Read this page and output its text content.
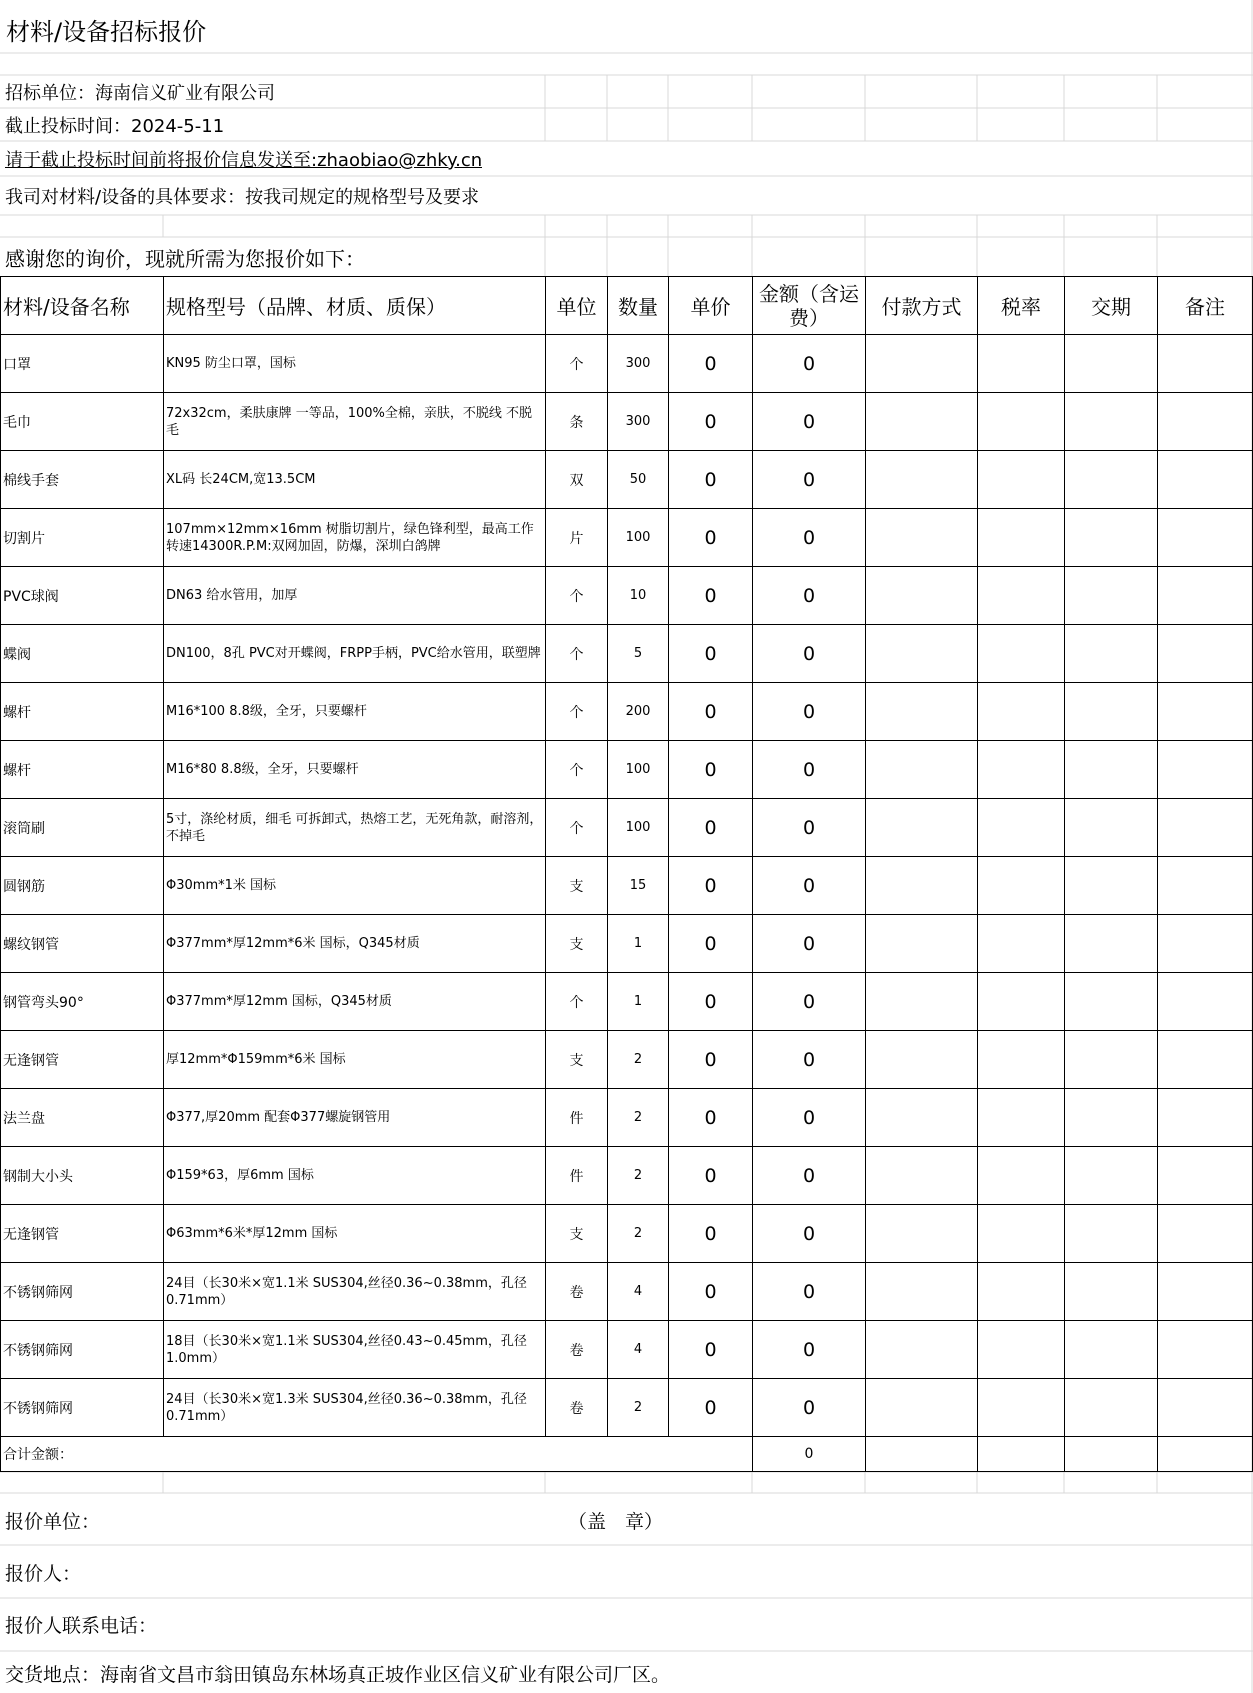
材料/设备招标报价
招标单位：海南信义矿业有限公司
截止投标时间：2024-5-11
请于截止投标时间前将报价信息发送至:zhaobiao@zhky.cn
我司对材料/设备的具体要求：按我司规定的规格型号及要求
感谢您的询价，现就所需为您报价如下：
材料/设备名称	规格型号（品牌、材质、质保）	单位	数量	单价	金额（含运费）	付款方式	税率	交期	备注
口罩	KN95 防尘口罩，国标	个	300	0	0				
毛巾	72x32cm，柔肤康牌 一等品，100%全棉，亲肤，不脱线 不脱毛	条	300	0	0				
棉线手套	XL码 长24CM,宽13.5CM	双	50	0	0				
切割片	107mm×12mm×16mm 树脂切割片，绿色锋利型，最高工作转速14300R.P.M:双网加固，防爆，深圳白鸽牌	片	100	0	0				
PVC球阀	DN63 给水管用，加厚	个	10	0	0				
蝶阀	DN100，8孔 PVC对开蝶阀，FRPP手柄，PVC给水管用，联塑牌	个	5	0	0				
螺杆	M16*100 8.8级，全牙，只要螺杆	个	200	0	0				
螺杆	M16*80 8.8级，全牙，只要螺杆	个	100	0	0				
滚筒刷	5寸，涤纶材质，细毛 可拆卸式，热熔工艺，无死角款，耐溶剂，不掉毛	个	100	0	0				
圆钢筋	Φ30mm*1米 国标	支	15	0	0				
螺纹钢管	Φ377mm*厚12mm*6米 国标，Q345材质	支	1	0	0				
钢管弯头90°	Φ377mm*厚12mm 国标，Q345材质	个	1	0	0				
无逢钢管	厚12mm*Φ159mm*6米 国标	支	2	0	0				
法兰盘	Φ377,厚20mm 配套Φ377螺旋钢管用	件	2	0	0				
钢制大小头	Φ159*63，厚6mm 国标	件	2	0	0				
无逢钢管	Φ63mm*6米*厚12mm 国标	支	2	0	0				
不锈钢筛网	24目（长30米×宽1.1米 SUS304,丝径0.36~0.38mm，孔径0.71mm）	卷	4	0	0				
不锈钢筛网	18目（长30米×宽1.1米 SUS304,丝径0.43~0.45mm，孔径1.0mm）	卷	4	0	0				
不锈钢筛网	24目（长30米×宽1.3米 SUS304,丝径0.36~0.38mm，孔径0.71mm）	卷	2	0	0				
合计金额：					0				
报价单位：	（盖　章）
报价人：
报价人联系电话：
交货地点：海南省文昌市翁田镇岛东林场真正坡作业区信义矿业有限公司厂区。
